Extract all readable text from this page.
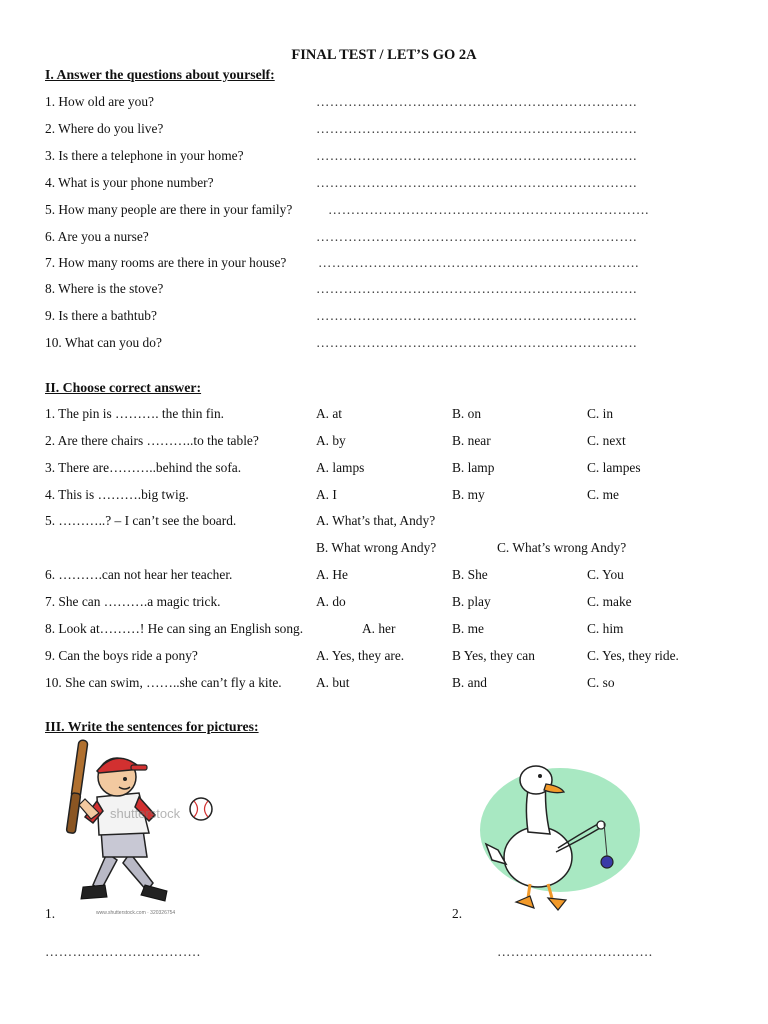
FINAL TEST / LET’S GO 2A
I. Answer the questions about yourself:
1. How old are you?	…………………………………………………………….
2. Where do you live?	…………………………………………………………….
3. Is there a telephone in your home?	…………………………………………………………….
4. What is your phone number?	…………………………………………………………….
5. How many people are there in your family?	…………………………………………………………….
6. Are you a nurse?	…………………………………………………………….
7. How many rooms are there in your house? …………………………………………………………….
8. Where is the stove?	…………………………………………………………….
9. Is there a bathtub?	…………………………………………………………….
10. What can you do?	…………………………………………………………….
II. Choose correct answer:
1. The pin is ………. the thin fin.	A. at	B. on	C. in
2. Are there chairs ………..to the table?	A. by	B. near	C. next
3. There are………..behind the sofa.	A. lamps	B. lamp	C. lampes
4. This is ……….big twig.	A. I	B. my	C. me
5. ………..? – I can’t see the board.	A. What’s that, Andy?
B. What wrong Andy?	C. What’s wrong Andy?
6. ……….can not hear her teacher.	A. He	B. She	C. You
7. She can ……….a magic trick.	A. do	B. play	C. make
8. Look at………! He can sing an English song.	A. her	B. me	C. him
9. Can the boys ride a pony?	A. Yes, they are.	B Yes, they can	C. Yes, they ride.
10. She can swim, ……..she can’t fly a kite.	A. but	B. and	C. so
III. Write the sentences for pictures:
shutterstock
www.shutterstock.com · 320326754
1.	2.
…………………………….	…………………………….
